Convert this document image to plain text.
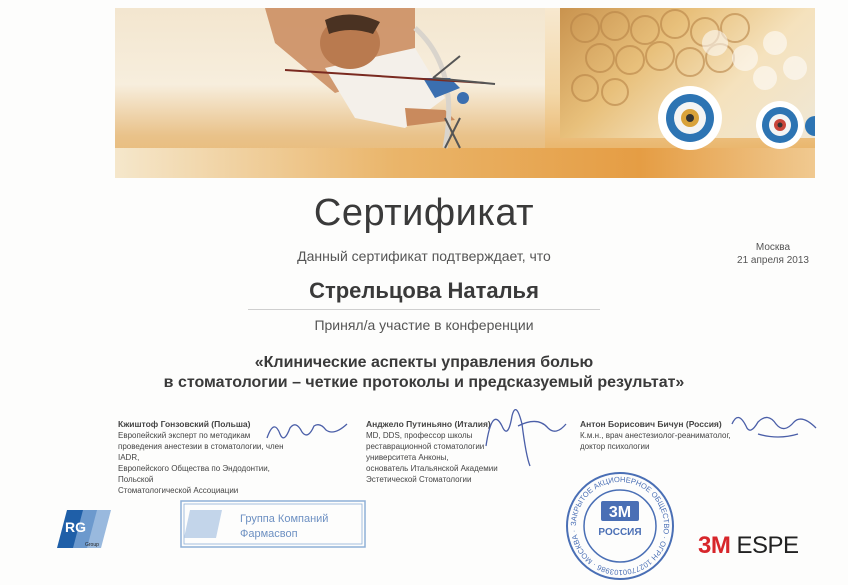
Сертификат
Данный сертификат подтверждает, что
Москва
21 апреля 2013
Стрельцова Наталья
Принял/а участие в конференции
«Клинические аспекты управления болью
в стоматологии – четкие протоколы и предсказуемый результат»
Кжиштоф Гонзовский (Польша)
Европейский эксперт по методикам
проведения анестезии в стоматологии, член IADR,
Европейского Общества по Эндодонтии, Польской
Стоматологической Ассоциации
Анджело Путиньяно (Италия)
MD, DDS, профессор школы
реставрационной стоматологии
университета Анконы,
основатель Итальянской Академии
Эстетической Стоматологии
Антон Борисович Бичун (Россия)
К.м.н., врач анестезиолог-реаниматолог,
доктор психологии
RG
Group
Группа Компаний
Фармасвоп
ЗАКРЫТОЕ АКЦИОНЕРНОЕ ОБЩЕСТВО · ОГРН 1027700103986 · МОСКВА ·
3M
РОССИЯ 3M ESPE
